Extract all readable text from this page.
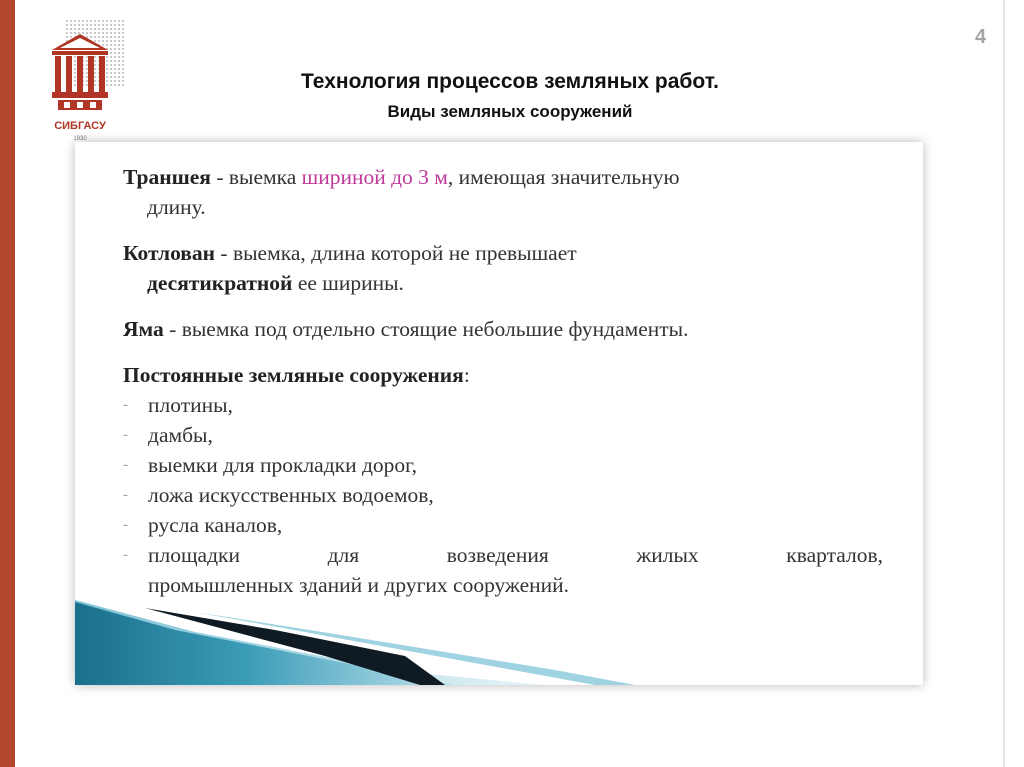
СИБГАСУ
1930
4
Технология процессов земляных работ.
Виды земляных сооружений
Траншея - выемка шириной до 3 м, имеющая значительную
длину.
Котлован - выемка, длина которой не превышает
десятикратной ее ширины.
Яма - выемка под отдельно стоящие небольшие фундаменты.
Постоянные земляные сооружения:
- плотины,
- дамбы,
- выемки для прокладки дорог,
- ложа искусственных водоемов,
- русла каналов,
- площадки для возведения жилых кварталов,
промышленных зданий и других сооружений.
